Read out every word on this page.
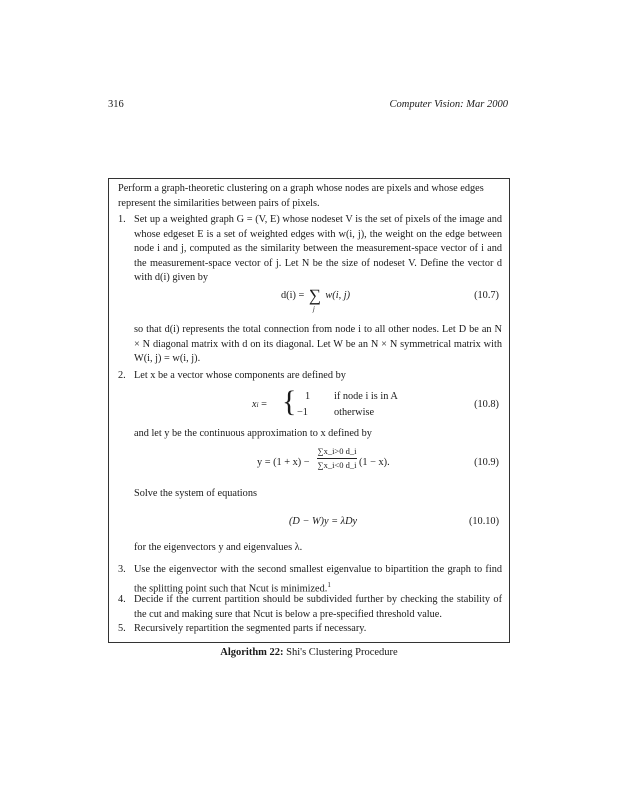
316	Computer Vision: Mar 2000
Perform a graph-theoretic clustering on a graph whose nodes are pixels and whose edges represent the similarities between pairs of pixels.
1. Set up a weighted graph G = (V, E) whose nodeset V is the set of pixels of the image and whose edgeset E is a set of weighted edges with w(i, j), the weight on the edge between node i and j, computed as the similarity between the measurement-space vector of i and the measurement-space vector of j. Let N be the size of nodeset V. Define the vector d with d(i) given by
d(i) = ∑
j
w(i, j)	(10.7)
so that d(i) represents the total connection from node i to all other nodes. Let D be an N × N diagonal matrix with d on its diagonal. Let W be an N × N symmetrical matrix with W(i, j) = w(i, j).
2. Let x be a vector whose components are defined by
xi = { 1 if node i is in A
−1	otherwise
(10.8)
and let y be the continuous approximation to x defined by
y = (1 + x) −
∑x_i>0 d_i
∑x_i<0 d_i (1 − x).	(10.9)
Solve the system of equations
(D − W)y = λDy	(10.10)
for the eigenvectors y and eigenvalues λ.
3. Use the eigenvector with the second smallest eigenvalue to bipartition the graph to find the splitting point such that Ncut is minimized.$^1$
4. Decide if the current partition should be subdivided further by checking the stability of the cut and making sure that Ncut is below a pre-specified threshold value.
5. Recursively repartition the segmented parts if necessary.
Algorithm 22: Shi's Clustering Procedure
